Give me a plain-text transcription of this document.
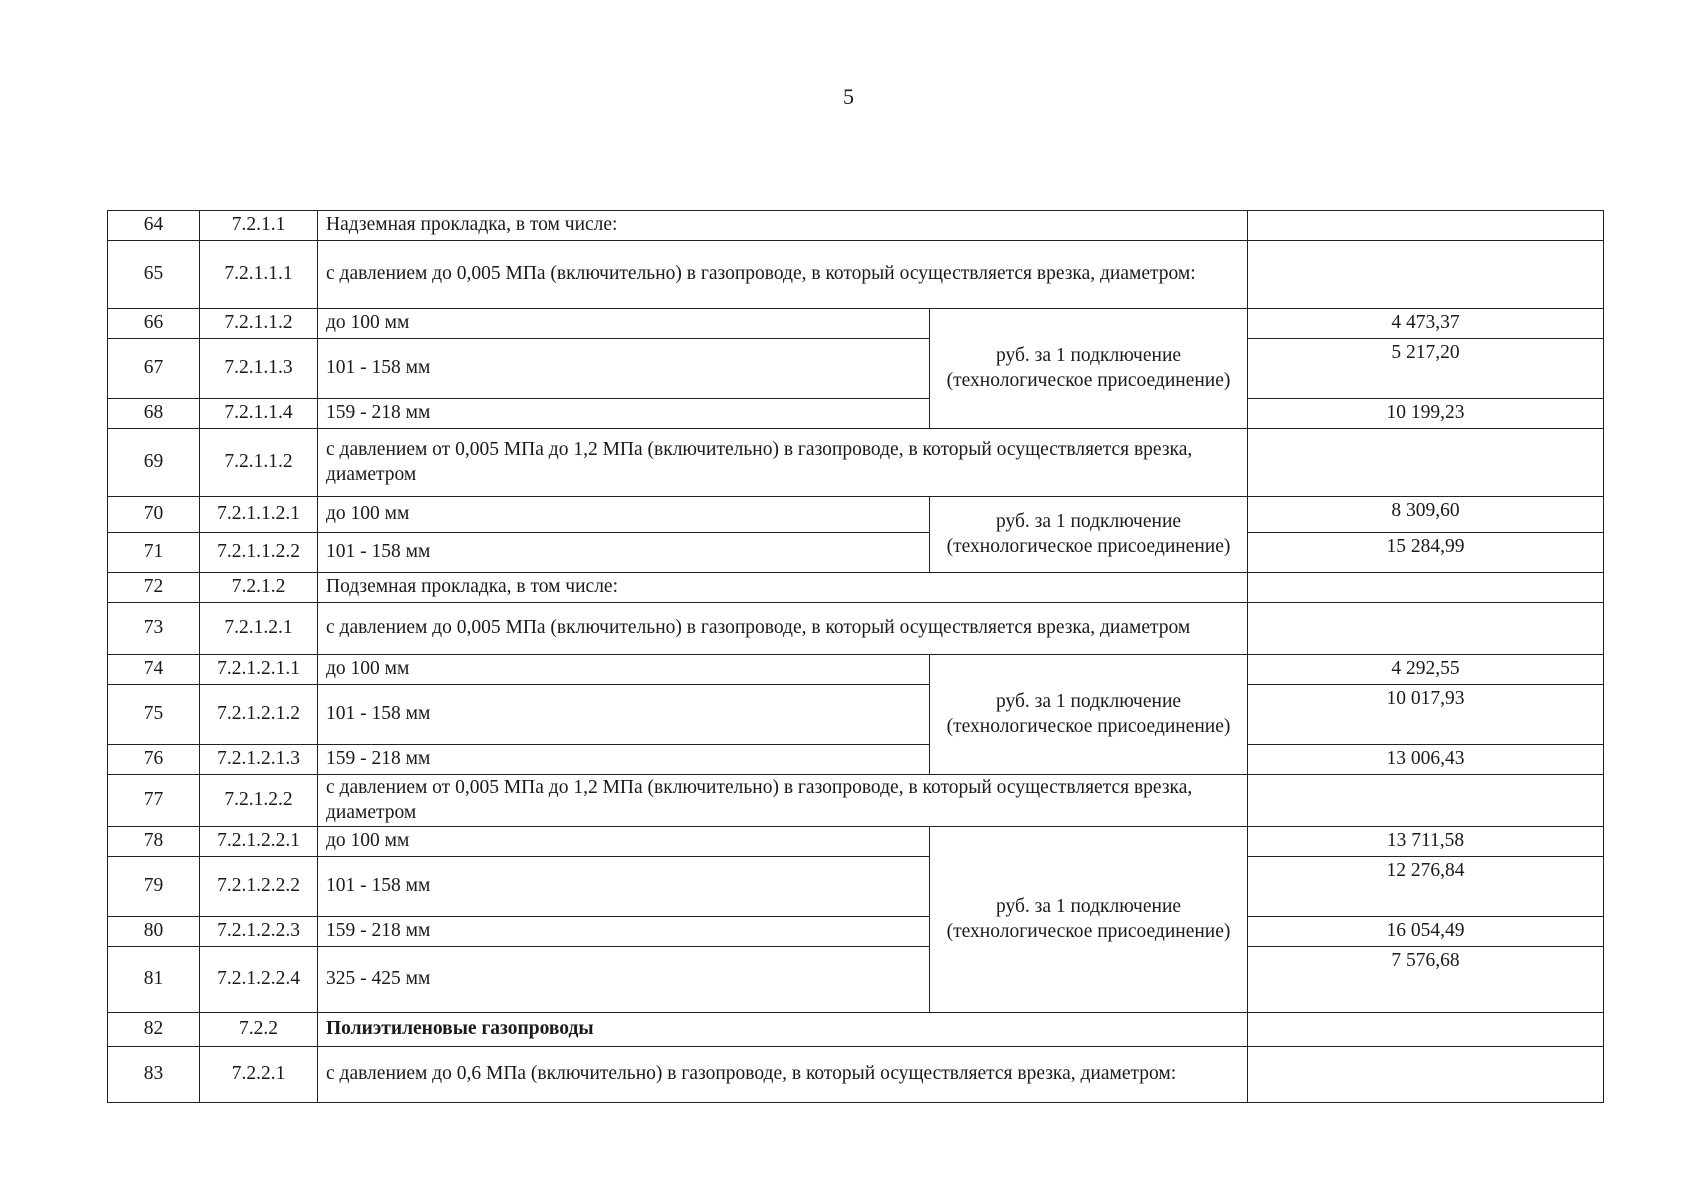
5
64	7.2.1.1	Надземная прокладка, в том числе:		
65	7.2.1.1.1	с давлением до 0,005 МПа (включительно) в газопроводе, в который осуществляется врезка, диаметром:		
66	7.2.1.1.2	до 100 мм	руб. за 1 подключение (технологическое присоединение)	4 473,37
67	7.2.1.1.3	101 - 158 мм		5 217,20
68	7.2.1.1.4	159 - 218 мм		10 199,23
69	7.2.1.1.2	с давлением от 0,005 МПа до 1,2 МПа (включительно) в газопроводе, в который осуществляется врезка, диаметром		
70	7.2.1.1.2.1	до 100 мм	руб. за 1 подключение (технологическое присоединение)	8 309,60
71	7.2.1.1.2.2	101 - 158 мм		15 284,99
72	7.2.1.2	Подземная прокладка, в том числе:		
73	7.2.1.2.1	с давлением до 0,005 МПа (включительно) в газопроводе, в который осуществляется врезка, диаметром		
74	7.2.1.2.1.1	до 100 мм	руб. за 1 подключение (технологическое присоединение)	4 292,55
75	7.2.1.2.1.2	101 - 158 мм		10 017,93
76	7.2.1.2.1.3	159 - 218 мм		13 006,43
77	7.2.1.2.2	с давлением от 0,005 МПа до 1,2 МПа (включительно) в газопроводе, в который осуществляется врезка, диаметром		
78	7.2.1.2.2.1	до 100 мм	руб. за 1 подключение (технологическое присоединение)	13 711,58
79	7.2.1.2.2.2	101 - 158 мм		12 276,84
80	7.2.1.2.2.3	159 - 218 мм		16 054,49
81	7.2.1.2.2.4	325 - 425 мм		7 576,68
82	7.2.2	Полиэтиленовые газопроводы		
83	7.2.2.1	с давлением до 0,6 МПа (включительно) в газопроводе, в который осуществляется врезка, диаметром:		
